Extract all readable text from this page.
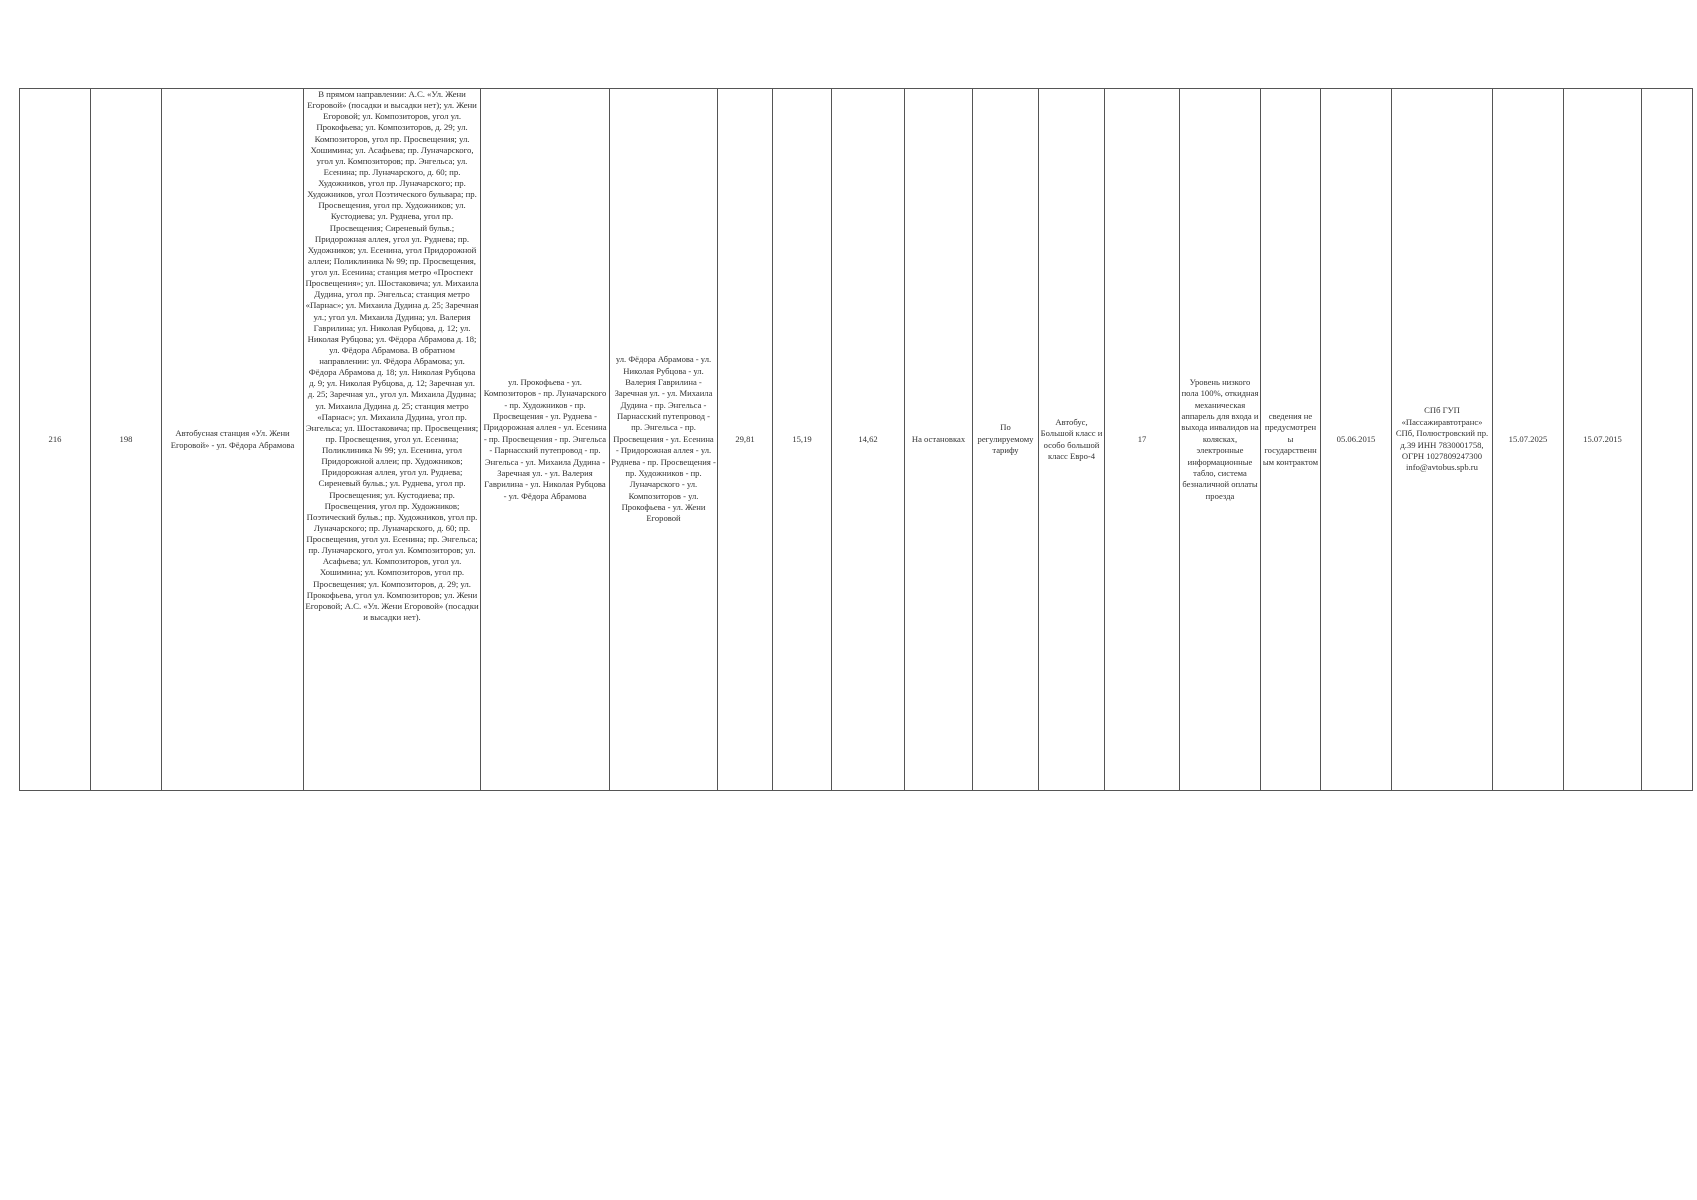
216	198	Автобусная станция «Ул. Жени Егоровой» - ул. Фёдора Абрамова	В прямом направлении: А.С. «Ул. Жени Егоровой» (посадки и высадки нет); ул. Жени Егоровой; ул. Композиторов, угол ул. Прокофьева; ул. Композиторов, д. 29; ул. Композиторов, угол пр. Просвещения; ул. Хошимина; ул. Асафьева; пр. Луначарского, угол ул. Композиторов; пр. Энгельса; ул. Есенина; пр. Луначарского, д. 60; пр. Художников, угол пр. Луначарского; пр. Художников, угол Поэтического бульвара; пр. Просвещения, угол пр. Художников; ул. Кустодиева; ул. Руднева, угол пр. Просвещения; Сиреневый бульв.; Придорожная аллея, угол ул. Руднева; пр. Художников; ул. Есенина, угол Придорожной аллеи; Поликлиника № 99; пр. Просвещения, угол ул. Есенина; станция метро «Проспект Просвещения»; ул. Шостаковича; ул. Михаила Дудина, угол пр. Энгельса; станция метро «Парнас»; ул. Михаила Дудина д. 25; Заречная ул.; угол ул. Михаила Дудина; ул. Валерия Гаврилина; ул. Николая Рубцова, д. 12; ул. Николая Рубцова; ул. Фёдора Абрамова д. 18; ул. Фёдора Абрамова. В обратном направлении: ул. Фёдора Абрамова; ул. Фёдора Абрамова д. 18; ул. Николая Рубцова д. 9; ул. Николая Рубцова, д. 12; Заречная ул. д. 25; Заречная ул., угол ул. Михаила Дудина; ул. Михаила Дудина д. 25; станция метро «Парнас»; ул. Михаила Дудина, угол пр. Энгельса; ул. Шостаковича; пр. Просвещения; пр. Просвещения, угол ул. Есенина; Поликлиника № 99; ул. Есенина, угол Придорожной аллеи; пр. Художников; Придорожная аллея, угол ул. Руднева; Сиреневый бульв.; ул. Руднева, угол пр. Просвещения; ул. Кустодиева; пр. Просвещения, угол пр. Художников; Поэтический бульв.; пр. Художников, угол пр. Луначарского; пр. Луначарского, д. 60; пр. Просвещения, угол ул. Есенина; пр. Энгельса; пр. Луначарского, угол ул. Композиторов; ул. Асафьева; ул. Композиторов, угол ул. Хошимина; ул. Композиторов, угол пр. Просвещения; ул. Композиторов, д. 29; ул. Прокофьева, угол ул. Композиторов; ул. Жени Егоровой; А.С. «Ул. Жени Егоровой» (посадки и высадки нет).	ул. Прокофьева - ул. Композиторов - пр. Луначарского - пр. Художников - пр. Просвещения - ул. Руднева - Придорожная аллея - ул. Есенина - пр. Просвещения - пр. Энгельса - Парнасский путепровод - пр. Энгельса - ул. Михаила Дудина - Заречная ул. - ул. Валерия Гаврилина - ул. Николая Рубцова - ул. Фёдора Абрамова	ул. Фёдора Абрамова - ул. Николая Рубцова - ул. Валерия Гаврилина - Заречная ул. - ул. Михаила Дудина - пр. Энгельса - Парнасский путепровод - пр. Энгельса - пр. Просвещения - ул. Есенина - Придорожная аллея - ул. Руднева - пр. Просвещения - пр. Художников - пр. Луначарского - ул. Композиторов - ул. Прокофьева - ул. Жени Егоровой	29,81	15,19	14,62	На остановках	По регулируемому тарифу	Автобус, Большой класс и особо большой класс Евро-4	17	Уровень низкого пола 100%, откидная механическая аппарель для входа и выхода инвалидов на колясках, электронные информационные табло, система безналичной оплаты проезда	сведения не предусмотрены государственным контрактом	05.06.2015	СПб ГУП «Пассажиравтотранс» СПб, Полюстровский пр. д.39 ИНН 7830001758, ОГРН 1027809247300 info@avtobus.spb.ru	15.07.2025	15.07.2015	
